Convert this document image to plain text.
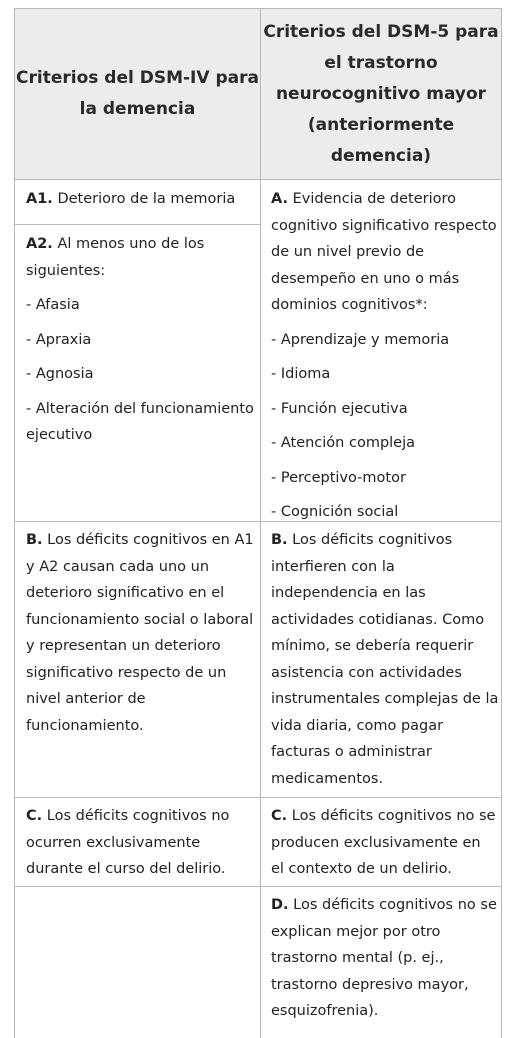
Criterios del DSM-IV para la demencia
Criterios del DSM-5 para el trastorno neurocognitivo mayor (anteriormente demencia)

A1. Deterioro de la memoria

A2. Al menos uno de los siguientes:

- Afasia

- Apraxia

- Agnosia

- Alteración del funcionamiento ejecutivo

A. Evidencia de deterioro cognitivo significativo respecto de un nivel previo de desempeño en uno o más dominios cognitivos*:

- Aprendizaje y memoria

- Idioma

- Función ejecutiva

- Atención compleja

- Perceptivo-motor

- Cognición social

B. Los déficits cognitivos en A1 y A2 causan cada uno un deterioro significativo en el funcionamiento social o laboral y representan un deterioro significativo respecto de un nivel anterior de funcionamiento.

B. Los déficits cognitivos interfieren con la independencia en las actividades cotidianas. Como mínimo, se debería requerir asistencia con actividades instrumentales complejas de la vida diaria, como pagar facturas o administrar medicamentos.

C. Los déficits cognitivos no ocurren exclusivamente durante el curso del delirio.

C. Los déficits cognitivos no se producen exclusivamente en el contexto de un delirio.

D. Los déficits cognitivos no se explican mejor por otro trastorno mental (p. ej., trastorno depresivo mayor, esquizofrenia).
